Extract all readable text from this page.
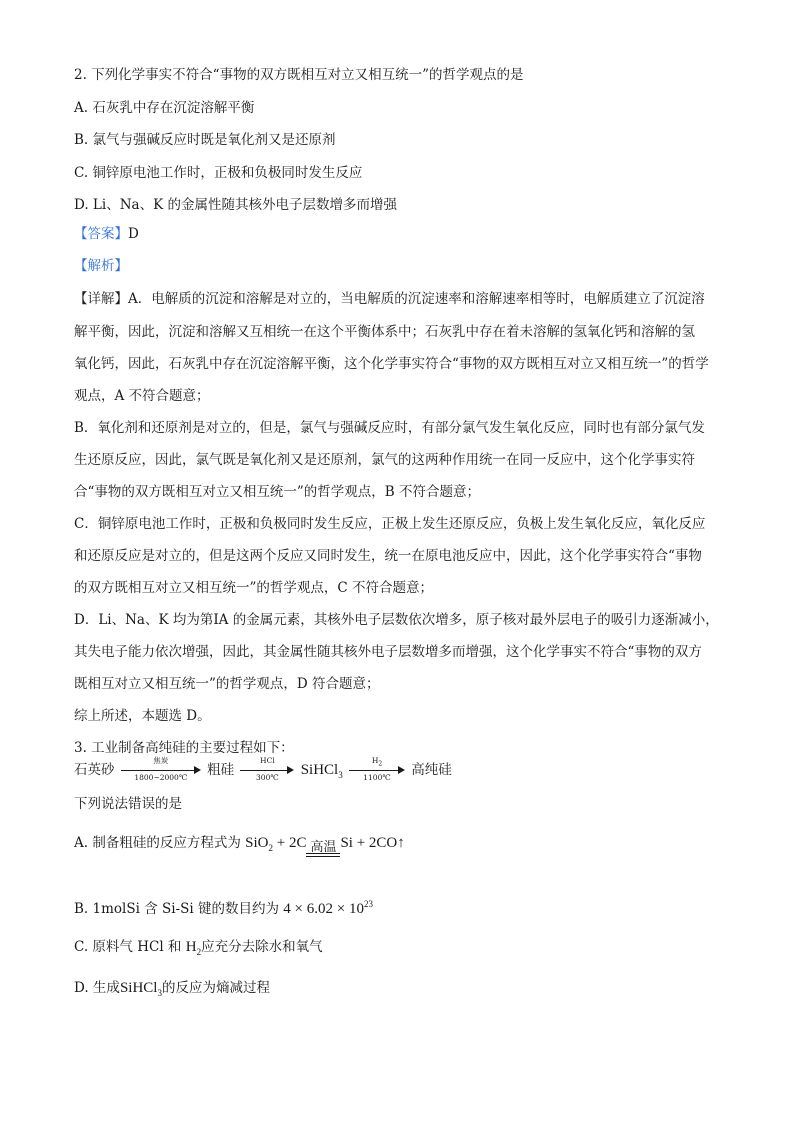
2. 下列化学事实不符合“事物的双方既相互对立又相互统一”的哲学观点的是
A. 石灰乳中存在沉淀溶解平衡
B. 氯气与强碱反应时既是氧化剂又是还原剂
C. 铜锌原电池工作时，正极和负极同时发生反应
D. Li、Na、K 的金属性随其核外电子层数增多而增强
【答案】D
【解析】
【详解】A．电解质的沉淀和溶解是对立的，当电解质的沉淀速率和溶解速率相等时，电解质建立了沉淀溶
解平衡，因此，沉淀和溶解又互相统一在这个平衡体系中；石灰乳中存在着未溶解的氢氧化钙和溶解的氢
氧化钙，因此，石灰乳中存在沉淀溶解平衡，这个化学事实符合“事物的双方既相互对立又相互统一”的哲学
观点，A 不符合题意；
B．氧化剂和还原剂是对立的，但是，氯气与强碱反应时，有部分氯气发生氧化反应，同时也有部分氯气发
生还原反应，因此，氯气既是氧化剂又是还原剂，氯气的这两种作用统一在同一反应中，这个化学事实符
合“事物的双方既相互对立又相互统一”的哲学观点，B 不符合题意；
C．铜锌原电池工作时，正极和负极同时发生反应，正极上发生还原反应，负极上发生氧化反应，氧化反应
和还原反应是对立的，但是这两个反应又同时发生，统一在原电池反应中，因此，这个化学事实符合“事物
的双方既相互对立又相互统一”的哲学观点，C 不符合题意；
D．Li、Na、K 均为第ⅠA 的金属元素，其核外电子层数依次增多，原子核对最外层电子的吸引力逐渐减小，
其失电子能力依次增强，因此，其金属性随其核外电子层数增多而增强，这个化学事实不符合“事物的双方
既相互对立又相互统一”的哲学观点，D 符合题意；
综上所述，本题选 D。
3. 工业制备高纯硅的主要过程如下：
石英砂
焦炭
1800~2000℃	粗硅
HCl
300℃	SiHCl$_3$ $\frac{H_2}{1100℃}$ 高纯硅
下列说法错误的是
A. 制备粗硅的反应方程式为 SiO$_2$ + 2C 高温 Si + 2CO↑
B. 1molSi 含 Si-Si 键的数目约为 $4 \times 6.02 \times 10^{23}$
C. 原料气 HCl 和 $H_2$应充分去除水和氧气
D. 生成SiHCl$_3$的反应为熵减过程
